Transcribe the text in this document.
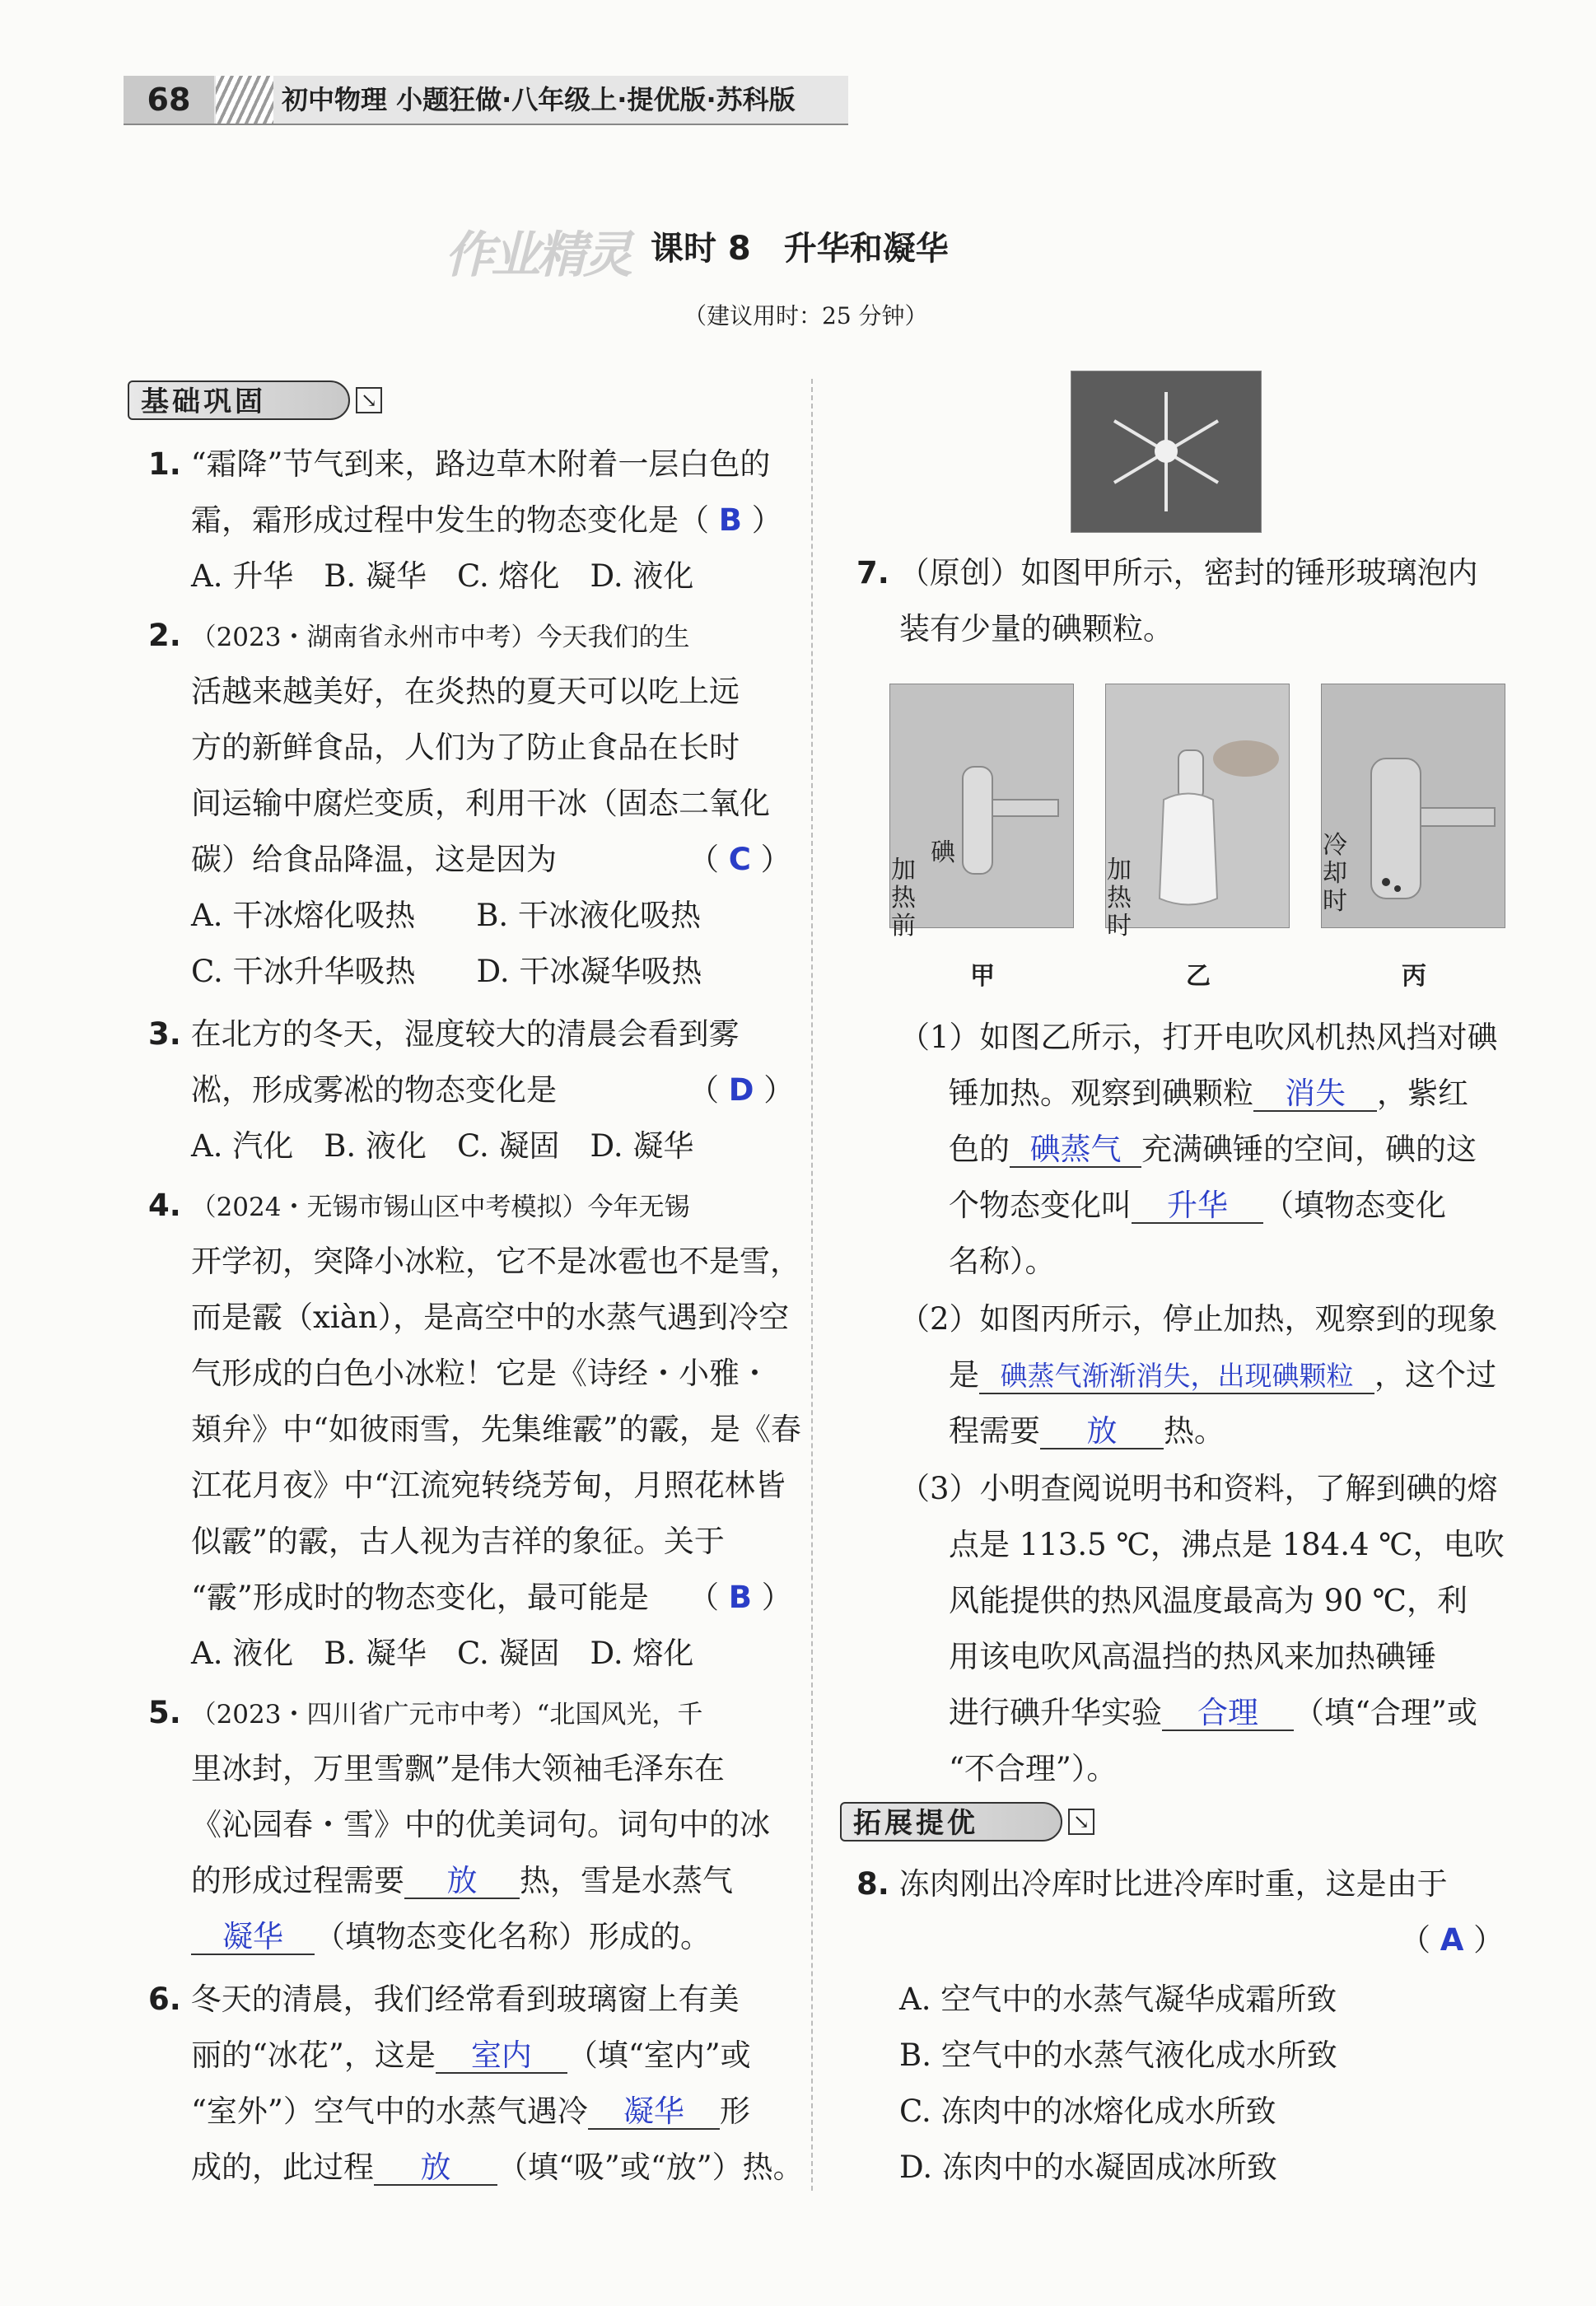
68	初中物理 小题狂做·八年级上·提优版·苏科版
作业精灵 课时 8　升华和凝华
（建议用时：25 分钟）
基础巩固	↘
1. “霜降”节气到来，路边草木附着一层白色的
霜，霜形成过程中发生的物态变化是（ B ）
A. 升华　B. 凝华　C. 熔化　D. 液化
2. （2023・湖南省永州市中考）今天我们的生
活越来越美好，在炎热的夏天可以吃上远
方的新鲜食品，人们为了防止食品在长时
间运输中腐烂变质，利用干冰（固态二氧化
碳）给食品降温，这是因为	（ C ）
A. 干冰熔化吸热　　B. 干冰液化吸热
C. 干冰升华吸热　　D. 干冰凝华吸热
3. 在北方的冬天，湿度较大的清晨会看到雾
凇，形成雾凇的物态变化是	（ D ）
A. 汽化　B. 液化　C. 凝固　D. 凝华
4. （2024・无锡市锡山区中考模拟）今年无锡
开学初，突降小冰粒，它不是冰雹也不是雪，
而是霰（xiàn），是高空中的水蒸气遇到冷空
气形成的白色小冰粒！它是《诗经・小雅・
頍弁》中“如彼雨雪，先集维霰”的霰，是《春
江花月夜》中“江流宛转绕芳甸，月照花林皆
似霰”的霰，古人视为吉祥的象征。关于
“霰”形成时的物态变化，最可能是 （ B ）
A. 液化　B. 凝华　C. 凝固　D. 熔化
5. （2023・四川省广元市中考）“北国风光，千
里冰封，万里雪飘”是伟大领袖毛泽东在
《沁园春・雪》中的优美词句。词句中的冰
的形成过程需要 放 热，雪是水蒸气
凝华 （填物态变化名称）形成的。
6. 冬天的清晨，我们经常看到玻璃窗上有美
丽的“冰花”，这是 室内 （填“室内”或
“室外”）空气中的水蒸气遇冷 凝华 形
成的，此过程 放 （填“吸”或“放”）热。
7. （原创）如图甲所示，密封的锤形玻璃泡内
装有少量的碘颗粒。
加热前
碘
加热时
冷却时
甲	乙	丙
（1）如图乙所示，打开电吹风机热风挡对碘
锤加热。观察到碘颗粒 消失 ，紫红
色的 碘蒸气 充满碘锤的空间，碘的这
个物态变化叫 升华 （填物态变化
名称）。
（2）如图丙所示，停止加热，观察到的现象
是 碘蒸气渐渐消失，出现碘颗粒 ，这个过
程需要 放 热。
（3）小明查阅说明书和资料，了解到碘的熔
点是 113.5 ℃，沸点是 184.4 ℃，电吹
风能提供的热风温度最高为 90 ℃，利
用该电吹风高温挡的热风来加热碘锤
进行碘升华实验 合理 （填“合理”或
“不合理”）。
拓展提优	↘
8. 冻肉刚出冷库时比进冷库时重，这是由于
（ A ）
A. 空气中的水蒸气凝华成霜所致
B. 空气中的水蒸气液化成水所致
C. 冻肉中的冰熔化成水所致
D. 冻肉中的水凝固成冰所致
